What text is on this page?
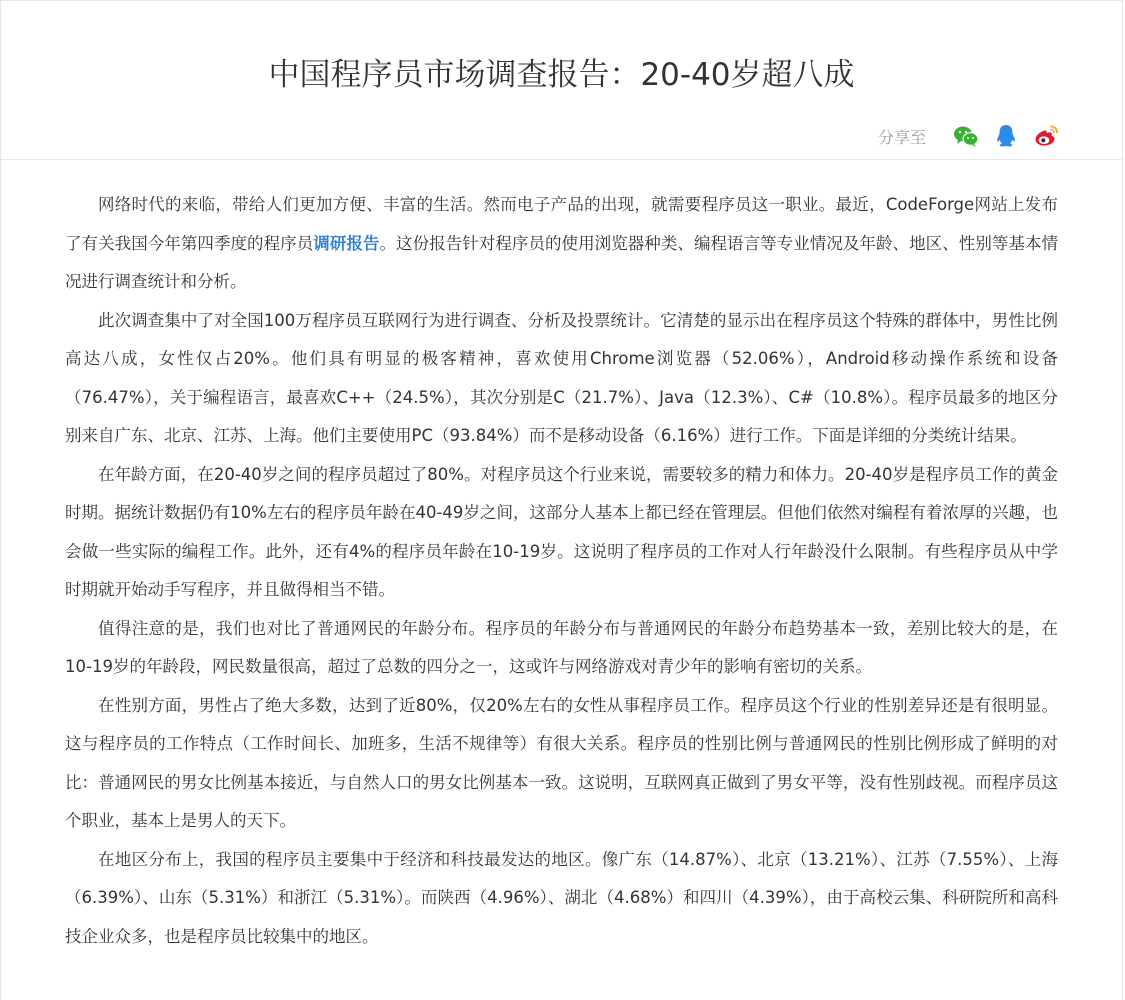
中国程序员市场调查报告：20-40岁超八成
分享至

网络时代的来临，带给人们更加方便、丰富的生活。然而电子产品的出现，就需要程序员这一职业。最近，CodeForge网站上发布了有关我国今年第四季度的程序员调研报告。这份报告针对程序员的使用浏览器种类、编程语言等专业情况及年龄、地区、性别等基本情况进行调查统计和分析。

此次调查集中了对全国100万程序员互联网行为进行调查、分析及投票统计。它清楚的显示出在程序员这个特殊的群体中，男性比例高达八成，女性仅占20%。他们具有明显的极客精神，喜欢使用Chrome浏览器（52.06%），Android移动操作系统和设备（76.47%），关于编程语言，最喜欢C++（24.5%），其次分别是C（21.7%）、Java（12.3%）、C#（10.8%）。程序员最多的地区分别来自广东、北京、江苏、上海。他们主要使用PC（93.84%）而不是移动设备（6.16%）进行工作。下面是详细的分类统计结果。

在年龄方面，在20-40岁之间的程序员超过了80%。对程序员这个行业来说，需要较多的精力和体力。20-40岁是程序员工作的黄金时期。据统计数据仍有10%左右的程序员年龄在40-49岁之间，这部分人基本上都已经在管理层。但他们依然对编程有着浓厚的兴趣，也会做一些实际的编程工作。此外，还有4%的程序员年龄在10-19岁。这说明了程序员的工作对人行年龄没什么限制。有些程序员从中学时期就开始动手写程序，并且做得相当不错。

值得注意的是，我们也对比了普通网民的年龄分布。程序员的年龄分布与普通网民的年龄分布趋势基本一致，差别比较大的是，在10-19岁的年龄段，网民数量很高，超过了总数的四分之一，这或许与网络游戏对青少年的影响有密切的关系。

在性别方面，男性占了绝大多数，达到了近80%，仅20%左右的女性从事程序员工作。程序员这个行业的性别差异还是有很明显。这与程序员的工作特点（工作时间长、加班多，生活不规律等）有很大关系。程序员的性别比例与普通网民的性别比例形成了鲜明的对比：普通网民的男女比例基本接近，与自然人口的男女比例基本一致。这说明，互联网真正做到了男女平等，没有性别歧视。而程序员这个职业，基本上是男人的天下。

在地区分布上，我国的程序员主要集中于经济和科技最发达的地区。像广东（14.87%）、北京（13.21%）、江苏（7.55%）、上海（6.39%）、山东（5.31%）和浙江（5.31%）。而陕西（4.96%）、湖北（4.68%）和四川（4.39%），由于高校云集、科研院所和高科技企业众多，也是程序员比较集中的地区。
